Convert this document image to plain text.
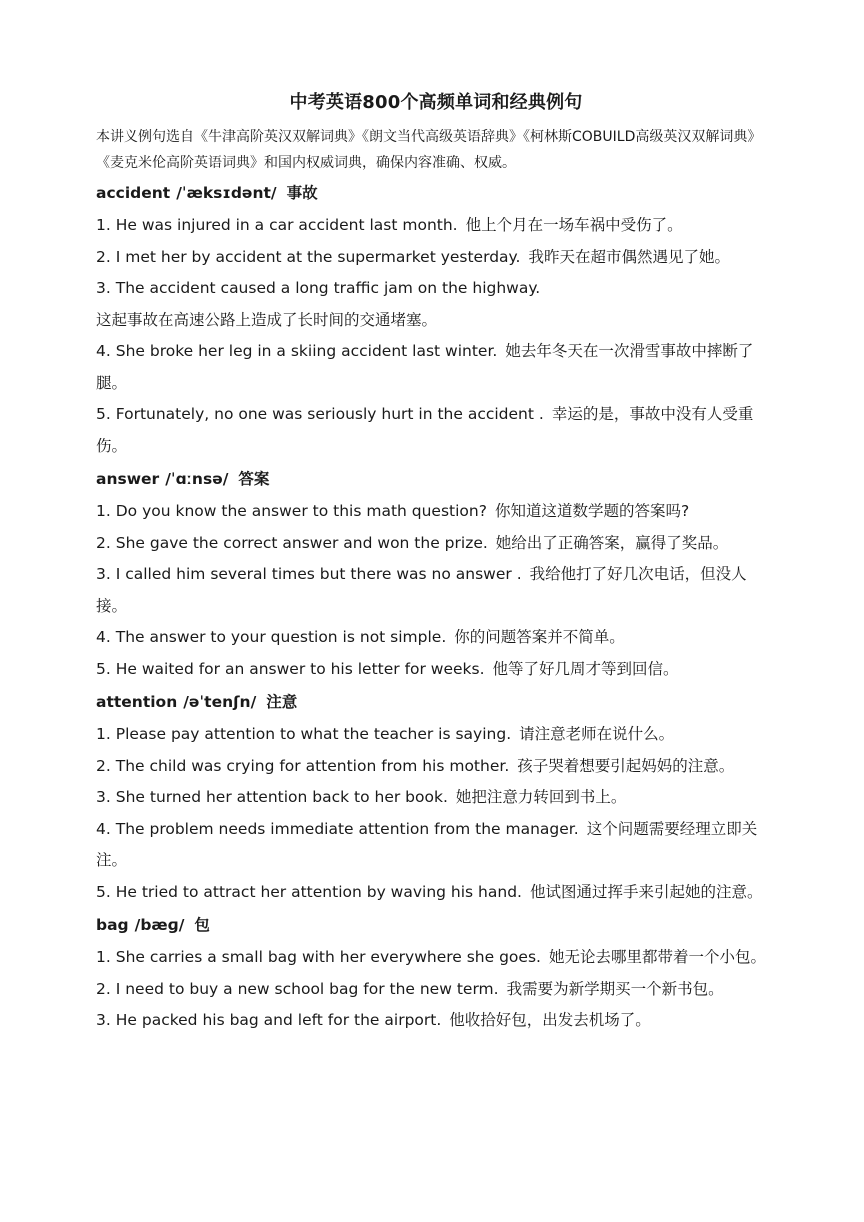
中考英语800个高频单词和经典例句

本讲义例句选自《牛津高阶英汉双解词典》《朗文当代高级英语辞典》《柯林斯COBUILD高级英汉双解词典》《麦克米伦高阶英语词典》和国内权威词典，确保内容准确、权威。

accident /ˈæksɪdənt/ 事故

1. He was injured in a car accident last month. 他上个月在一场车祸中受伤了。

2. I met her by accident at the supermarket yesterday. 我昨天在超市偶然遇见了她。

3. The accident caused a long traffic jam on the highway.

这起事故在高速公路上造成了长时间的交通堵塞。

4. She broke her leg in a skiing accident last winter. 她去年冬天在一次滑雪事故中摔断了腿。

5. Fortunately, no one was seriously hurt in the accident . 幸运的是，事故中没有人受重伤。

answer /ˈɑːnsə/ 答案

1. Do you know the answer to this math question? 你知道这道数学题的答案吗?

2. She gave the correct answer and won the prize. 她给出了正确答案，赢得了奖品。

3. I called him several times but there was no answer . 我给他打了好几次电话，但没人接。

4. The answer to your question is not simple. 你的问题答案并不简单。

5. He waited for an answer to his letter for weeks. 他等了好几周才等到回信。

attention /əˈtenʃn/ 注意

1. Please pay attention to what the teacher is saying. 请注意老师在说什么。

2. The child was crying for attention from his mother. 孩子哭着想要引起妈妈的注意。

3. She turned her attention back to her book. 她把注意力转回到书上。

4. The problem needs immediate attention from the manager. 这个问题需要经理立即关注。

5. He tried to attract her attention by waving his hand. 他试图通过挥手来引起她的注意。

bag /bæɡ/ 包

1. She carries a small bag with her everywhere she goes. 她无论去哪里都带着一个小包。

2. I need to buy a new school bag for the new term. 我需要为新学期买一个新书包。

3. He packed his bag and left for the airport. 他收拾好包，出发去机场了。
